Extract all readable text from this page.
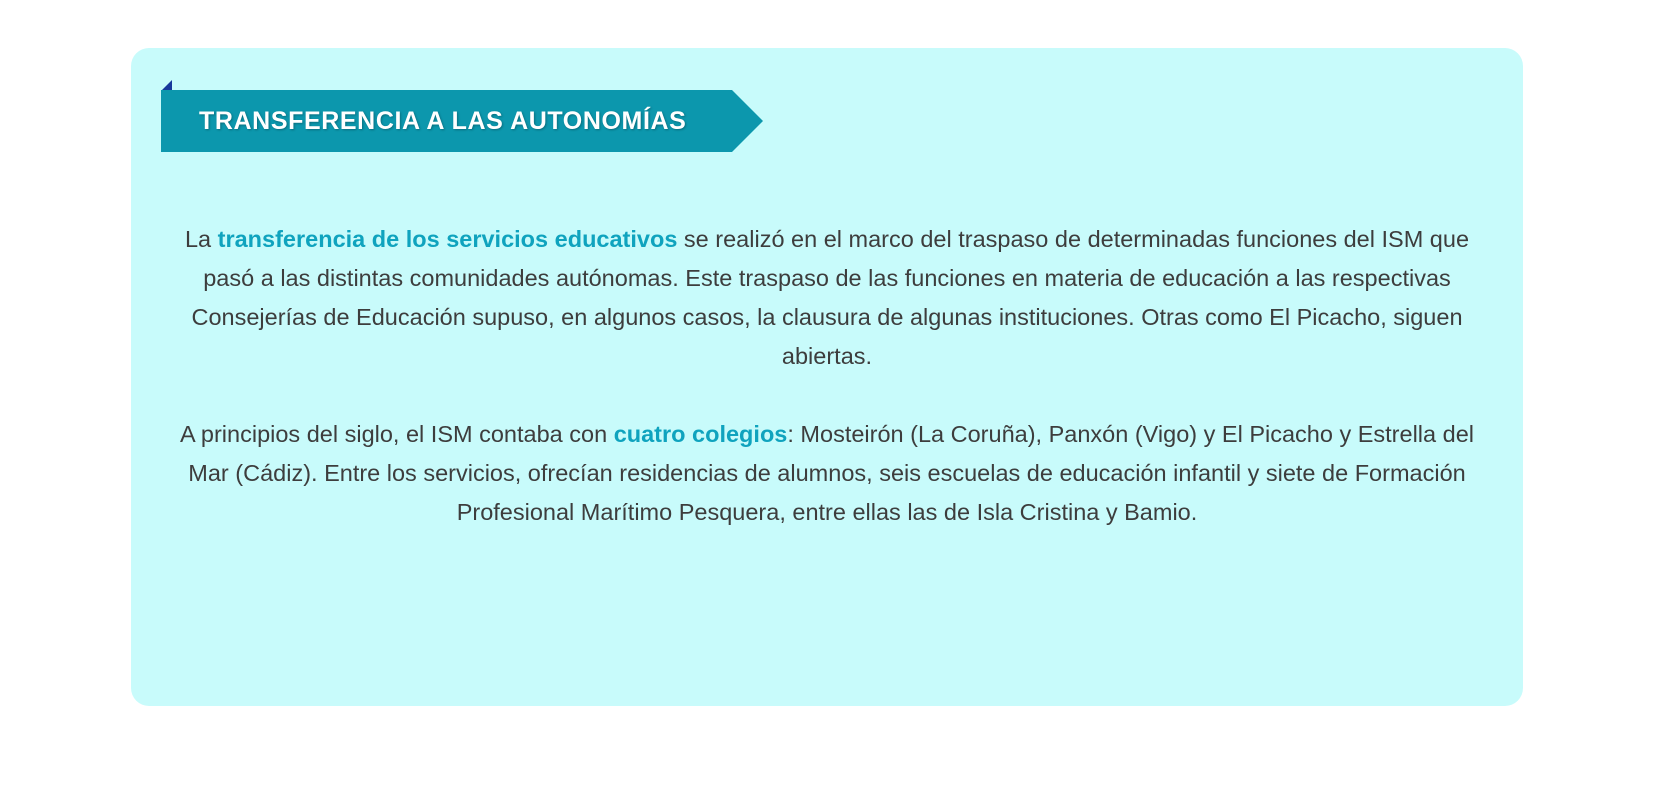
TRANSFERENCIA A LAS AUTONOMÍAS

La transferencia de los servicios educativos se realizó en el marco del traspaso de determinadas funciones del ISM que pasó a las distintas comunidades autónomas. Este traspaso de las funciones en materia de educación a las respectivas Consejerías de Educación supuso, en algunos casos, la clausura de algunas instituciones. Otras como El Picacho, siguen abiertas.

A principios del siglo, el ISM contaba con cuatro colegios: Mosteirón (La Coruña), Panxón (Vigo) y El Picacho y Estrella del Mar (Cádiz). Entre los servicios, ofrecían residencias de alumnos, seis escuelas de educación infantil y siete de Formación Profesional Marítimo Pesquera, entre ellas las de Isla Cristina y Bamio.
